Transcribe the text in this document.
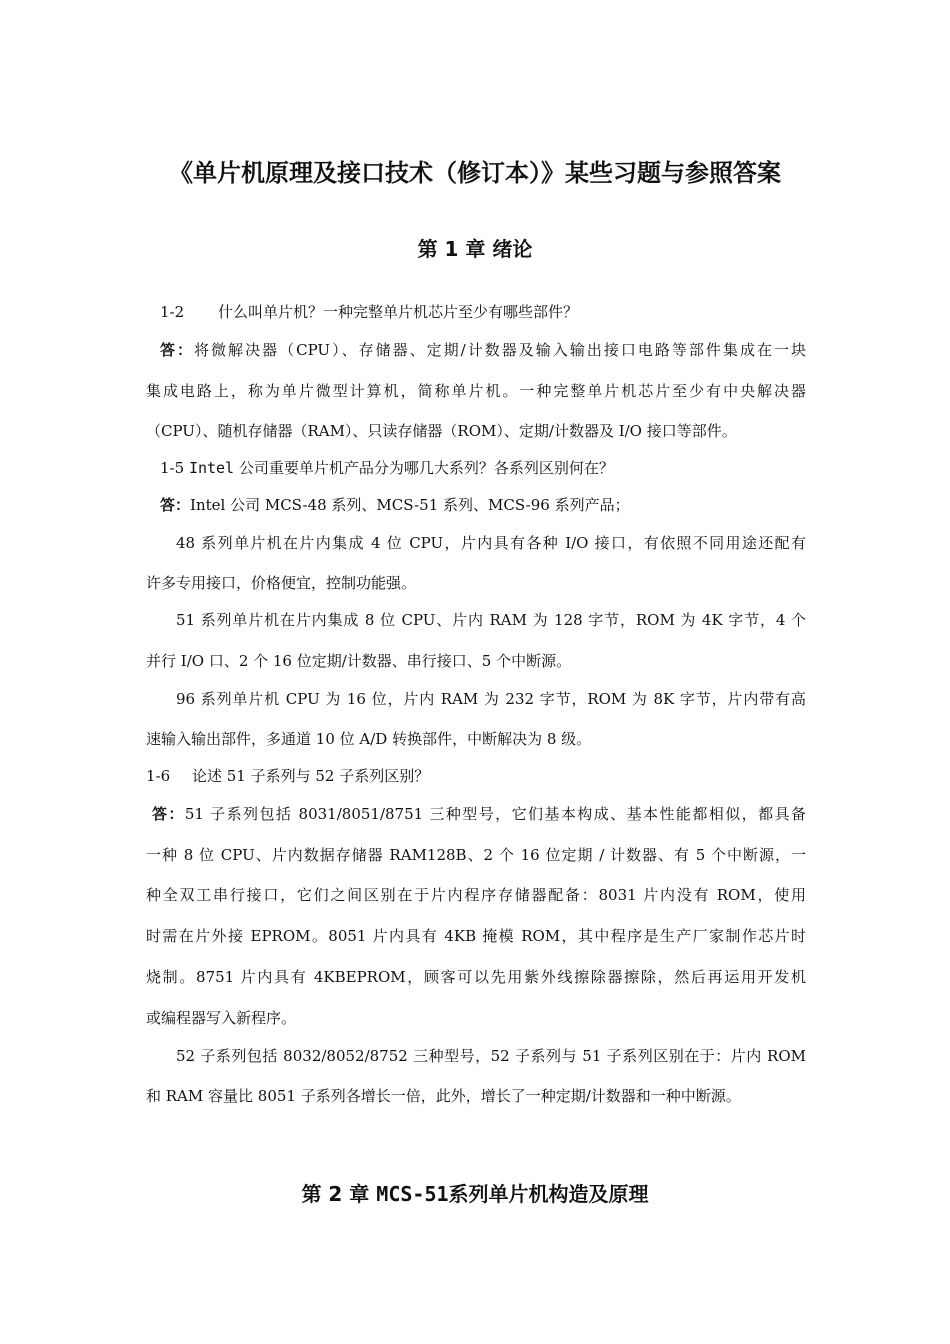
《单片机原理及接口技术（修订本）》某些习题与参照答案
第 1 章 绪论
1-2 什么叫单片机？一种完整单片机芯片至少有哪些部件？
答：将微解决器（CPU）、存储器、定期/计数器及输入输出接口电路等部件集成在一块
集成电路上，称为单片微型计算机，简称单片机。一种完整单片机芯片至少有中央解决器
（CPU）、随机存储器（RAM）、只读存储器（ROM）、定期/计数器及 I/O 接口等部件。
1-5 Intel 公司重要单片机产品分为哪几大系列？各系列区别何在？
答：Intel 公司 MCS-48 系列、MCS-51 系列、MCS-96 系列产品；
48 系列单片机在片内集成 4 位 CPU，片内具有各种 I/O 接口，有依照不同用途还配有
许多专用接口，价格便宜，控制功能强。
51 系列单片机在片内集成 8 位 CPU、片内 RAM 为 128 字节，ROM 为 4K 字节，4 个
并行 I/O 口、2 个 16 位定期/计数器、串行接口、5 个中断源。
96 系列单片机 CPU 为 16 位，片内 RAM 为 232 字节，ROM 为 8K 字节，片内带有高
速输入输出部件，多通道 10 位 A/D 转换部件，中断解决为 8 级。
1-6 论述 51 子系列与 52 子系列区别？
答：51 子系列包括 8031/8051/8751 三种型号，它们基本构成、基本性能都相似，都具备
一种 8 位 CPU、片内数据存储器 RAM128B、2 个 16 位定期 / 计数器、有 5 个中断源，一
种全双工串行接口，它们之间区别在于片内程序存储器配备：8031 片内没有 ROM，使用
时需在片外接 EPROM。8051 片内具有 4KB 掩模 ROM，其中程序是生产厂家制作芯片时
烧制。8751 片内具有 4KBEPROM，顾客可以先用紫外线擦除器擦除，然后再运用开发机
或编程器写入新程序。
52 子系列包括 8032/8052/8752 三种型号，52 子系列与 51 子系列区别在于：片内 ROM
和 RAM 容量比 8051 子系列各增长一倍，此外，增长了一种定期/计数器和一种中断源。
第 2 章 MCS-51系列单片机构造及原理
